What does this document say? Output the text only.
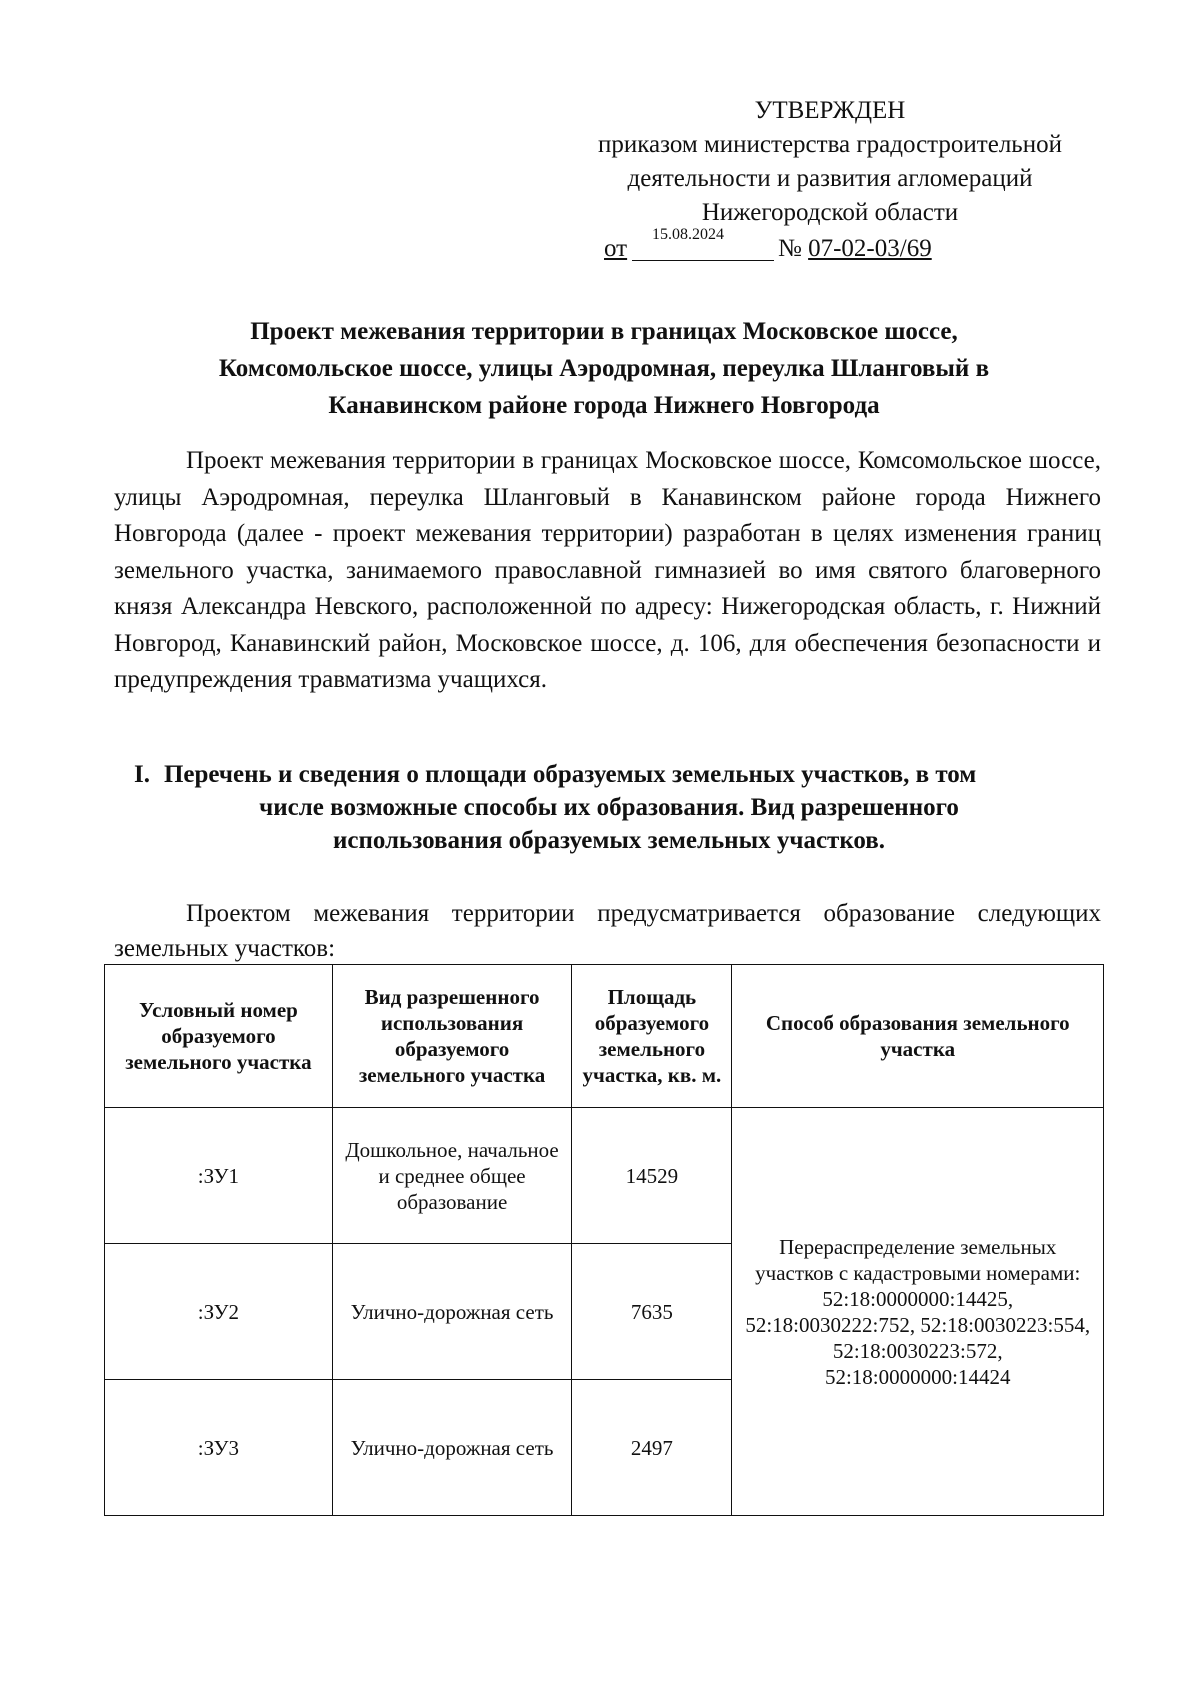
УТВЕРЖДЕН
приказом министерства градостроительной
деятельности и развития агломераций
Нижегородской области
от
15.08.2024
№ 07-02-03/69
Проект межевания территории в границах Московское шоссе,
Комсомольское шоссе, улицы Аэродромная, переулка Шланговый в
Канавинском районе города Нижнего Новгорода

Проект межевания территории в границах Московское шоссе, Комсомольское шоссе, улицы Аэродромная, переулка Шланговый в Канавинском районе города Нижнего Новгорода (далее - проект межевания территории) разработан в целях изменения границ земельного участка, занимаемого православной гимназией во имя святого благоверного князя Александра Невского, расположенной по адресу: Нижегородская область, г. Нижний Новгород, Канавинский район, Московское шоссе, д. 106, для обеспечения безопасности и предупреждения травматизма учащихся.

I. Перечень и сведения о площади образуемых земельных участков, в том
числе возможные способы их образования. Вид разрешенного
использования образуемых земельных участков.

Проектом межевания территории предусматривается образование следующих земельных участков:

Условный номер образуемого земельного участка	Вид разрешенного использования образуемого земельного участка	Площадь образуемого земельного участка, кв. м.	Способ образования земельного участка
:ЗУ1	Дошкольное, начальное и среднее общее образование	14529	Перераспределение земельных участков с кадастровыми номерами: 52:18:0000000:14425, 52:18:0030222:752, 52:18:0030223:554, 52:18:0030223:572, 52:18:0000000:14424
:ЗУ2	Улично-дорожная сеть	7635	
:ЗУ3	Улично-дорожная сеть	2497	
